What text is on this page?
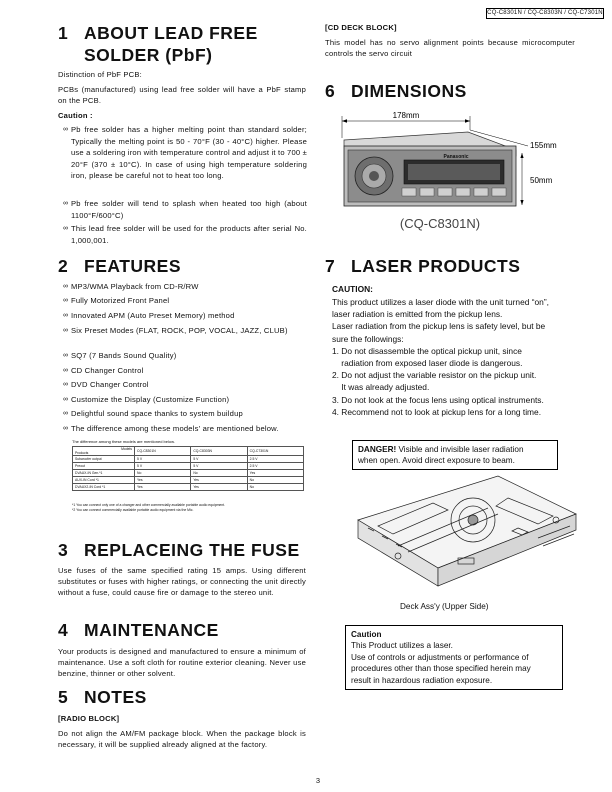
CQ-C8301N / CQ-C8303N / CQ-C7301N
1 ABOUT LEAD FREE
SOLDER (PbF)
Distinction of PbF PCB:
PCBs (manufactured) using lead free solder will have a PbF stamp on the PCB.
Caution :
∞ Pb free solder has a higher melting point than standard solder; Typically the melting point is 50 - 70°F (30 - 40°C) higher. Please use a soldering iron with temperature control and adjust it to 700 ± 20°F (370 ± 10°C). In case of using high temperature soldering iron, please be careful not to heat too long.
∞ Pb free solder will tend to splash when heated too high (about 1100°F/600°C)
∞ This lead free solder will be used for the products after serial No. 1,000,001.
2 FEATURES
∞ MP3/WMA Playback from CD-R/RW
∞ Fully Motorized Front Panel
∞ Innovated APM (Auto Preset Memory) method
∞ Six Preset Modes (FLAT, ROCK, POP, VOCAL, JAZZ, CLUB)
∞ SQ7 (7 Bands Sound Quality)
∞ CD Changer Control
∞ DVD Changer Control
∞ Customize the Display (Customize Function)
∞ Delightful sound space thanks to system buildup
∞ The difference among these models' are mentioned below.
The difference among these models are mentioned below.
Models
Products	CQ-C8301N	CQ-C8303N	CQ-C7301N
Subwoofer output	5 V	5 V	2.5 V
Preout	5 V	5 V	2.5 V
DVAUX-IN Gen.*1	No	No	Yes
AUX-IN Cord *1	Yes	Yes	No
DVAUX2-IN Cord *1	Yes	Yes	No
*1 You can connect only one of a changer and other commercially available portable audio equipment.
*2 You can connect commercially available portable audio equipment via the Mic.
3 REPLACEING THE FUSE
Use fuses of the same specified rating 15 amps. Using different substitutes or fuses with higher ratings, or connecting the unit directly without a fuse, could cause fire or damage to the stereo unit.
4 MAINTENANCE
Your products is designed and manufactured to ensure a minimum of maintenance. Use a soft cloth for routine exterior cleaning. Never use benzine, thinner or other solvent.
5 NOTES
[RADIO BLOCK]
Do not align the AM/FM package block. When the package block is necessary, it will be supplied already aligned at the factory.
[CD DECK BLOCK]
This model has no servo alignment points because microcomputer controls the servo circuit
6 DIMENSIONS
178mm
155mm
50mm
Panasonic
(CQ-C8301N)
7 LASER PRODUCTS
CAUTION:
This product utilizes a laser diode with the unit turned “on”,
laser radiation is emitted from the pickup lens.
Laser radiation from the pickup lens is safety level, but be
sure the followings:
1. Do not disassemble the optical pickup unit, since
radiation from exposed laser diode is dangerous.
2. Do not adjust the variable resistor on the pickup unit.
It was already adjusted.
3. Do not look at the focus lens using optical instruments.
4. Recommend not to look at pickup lens for a long time.
DANGER! Visible and invisible laser radiation
when open. Avoid direct exposure to beam.
Deck Ass'y (Upper Side)
Caution
This Product utilizes a laser.
Use of controls or adjustments or performance of
procedures other than those specified herein may
result in hazardous radiation exposure.
3
